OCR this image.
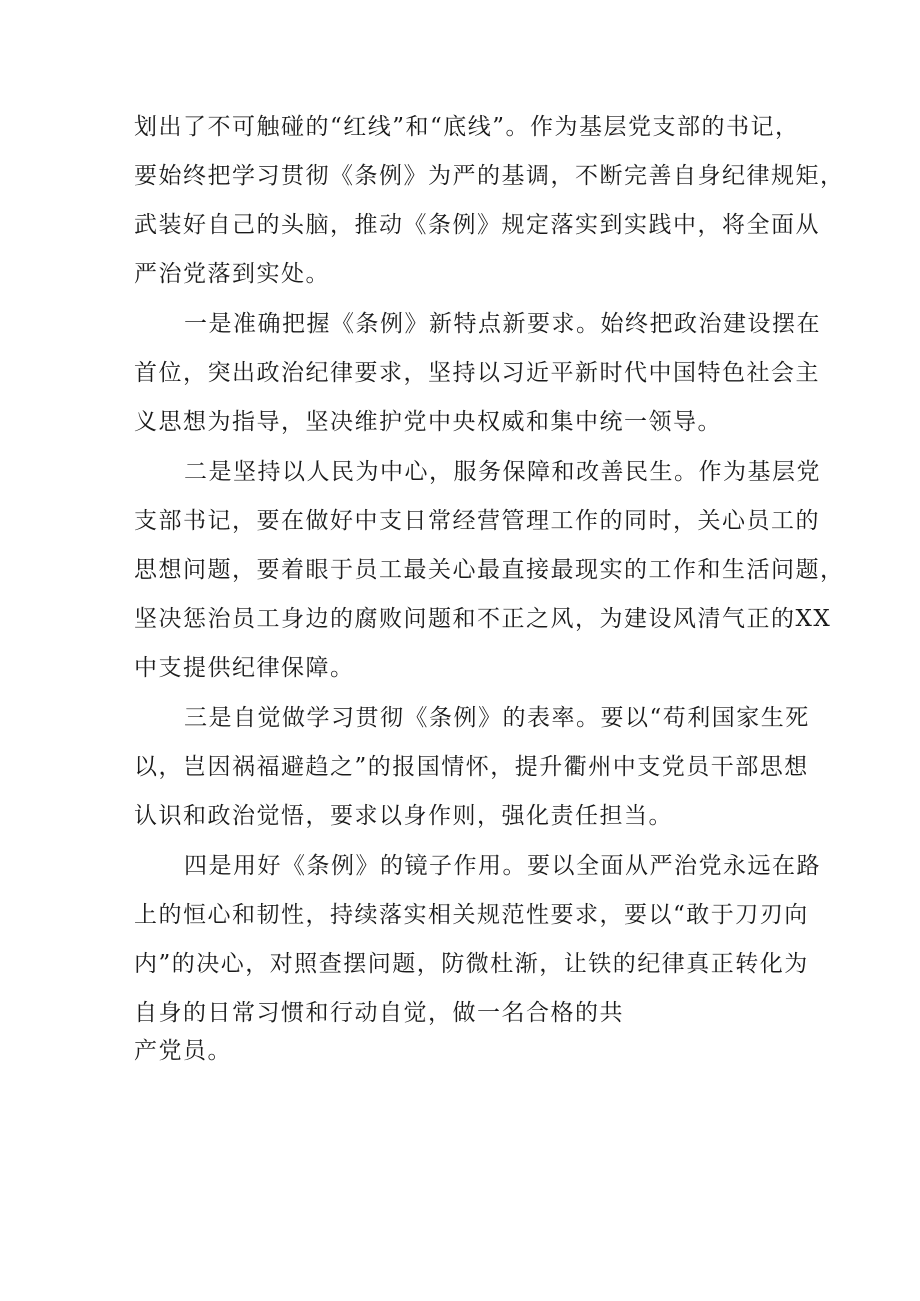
划出了不可触碰的“红线”和“底线”。作为基层党支部的书记，
要始终把学习贯彻《条例》为严的基调，不断完善自身纪律规矩，
武装好自己的头脑，推动《条例》规定落实到实践中，将全面从
严治党落到实处。
一是准确把握《条例》新特点新要求。始终把政治建设摆在
首位，突出政治纪律要求，坚持以习近平新时代中国特色社会主
义思想为指导，坚决维护党中央权威和集中统一领导。
二是坚持以人民为中心，服务保障和改善民生。作为基层党
支部书记，要在做好中支日常经营管理工作的同时，关心员工的
思想问题，要着眼于员工最关心最直接最现实的工作和生活问题，
坚决惩治员工身边的腐败问题和不正之风，为建设风清气正的XX
中支提供纪律保障。
三是自觉做学习贯彻《条例》的表率。要以“苟利国家生死
以，岂因祸福避趋之”的报国情怀，提升衢州中支党员干部思想
认识和政治觉悟，要求以身作则，强化责任担当。
四是用好《条例》的镜子作用。要以全面从严治党永远在路
上的恒心和韧性，持续落实相关规范性要求，要以“敢于刀刃向
内”的决心，对照查摆问题，防微杜渐，让铁的纪律真正转化为
自身的日常习惯和行动自觉，做一名合格的共
产党员。
